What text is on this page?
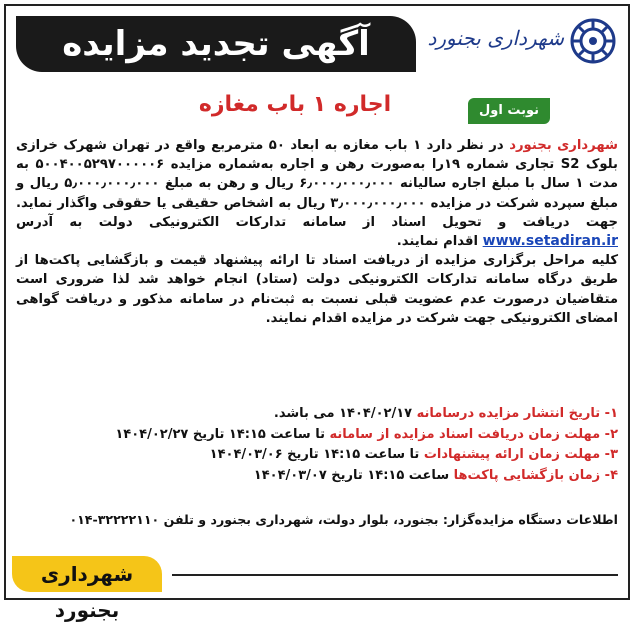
آگهی تجدید مزایده	شهرداری بجنورد
نوبت اول
اجاره ۱ باب مغازه
شهرداری بجنورد در نظر دارد ۱ باب مغازه به ابعاد ۵۰ مترمربع واقع در تهران شهرک خرازی بلوک S2 تجاری شماره ۱۹را به‌صورت رهن و اجاره به‌شماره مزایده ۵۰۰۴۰۰۵۲۹۷۰۰۰۰۰۶ به مدت ۱ سال با مبلغ اجاره سالیانه ۶٫۰۰۰٫۰۰۰٫۰۰۰ ریال و رهن به مبلغ ۵٫۰۰۰٫۰۰۰٫۰۰۰ ریال و مبلغ سپرده شرکت در مزایده ۳٫۰۰۰٫۰۰۰٫۰۰۰ ریال به اشخاص حقیقی یا حقوقی واگذار نماید. جهت دریافت و تحویل اسناد از سامانه تدارکات الکترونیکی دولت به آدرس www.setadiran.ir اقدام نمایند.
کلیه مراحل برگزاری مزایده از دریافت اسناد تا ارائه پیشنهاد قیمت و بازگشایی پاکت‌ها از طریق درگاه سامانه تدارکات الکترونیکی دولت (ستاد) انجام خواهد شد لذا ضروری است متقاضیان درصورت عدم عضویت قبلی نسبت به ثبت‌نام در سامانه مذکور و دریافت گواهی امضای الکترونیکی جهت شرکت در مزایده اقدام نمایند.
۱- تاریخ انتشار مزایده درسامانه ۱۴۰۴/۰۲/۱۷ می باشد.
۲- مهلت زمان دریافت اسناد مزایده از سامانه تا ساعت ۱۴:۱۵ تاریخ ۱۴۰۴/۰۲/۲۷
۳- مهلت زمان ارائه پیشنهادات تا ساعت ۱۴:۱۵ تاریخ ۱۴۰۴/۰۳/۰۶
۴- زمان بازگشایی پاکت‌ها ساعت ۱۴:۱۵ تاریخ ۱۴۰۴/۰۳/۰۷
اطلاعات دستگاه مزایده‌گزار: بجنورد، بلوار دولت، شهرداری بجنورد و تلفن ۳۲۲۲۲۱۱۰-۰۱۴
شهرداری بجنورد
